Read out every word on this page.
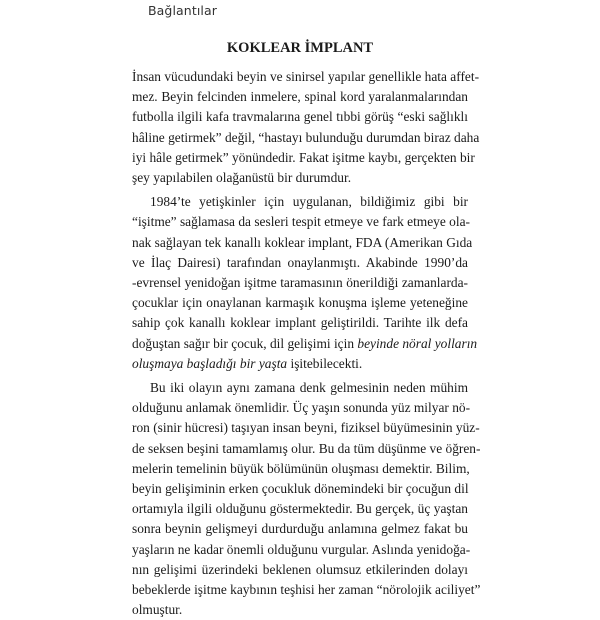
Bağlantılar

KOKLEAR İMPLANT

İnsan vücudundaki beyin ve sinirsel yapılar genellikle hata affet-
mez. Beyin felcinden inmelere, spinal kord yaralanmalarından
futbolla ilgili kafa travmalarına genel tıbbi görüş “eski sağlıklı
hâline getirmek” değil, “hastayı bulunduğu durumdan biraz daha
iyi hâle getirmek” yönündedir. Fakat işitme kaybı, gerçekten bir
şey yapılabilen olağanüstü bir durumdur.

1984’te yetişkinler için uygulanan, bildiğimiz gibi bir
“işitme” sağlamasa da sesleri tespit etmeye ve fark etmeye ola-
nak sağlayan tek kanallı koklear implant, FDA (Amerikan Gıda
ve İlaç Dairesi) tarafından onaylanmıştı. Akabinde 1990’da
-evrensel yenidoğan işitme taramasının önerildiği zamanlarda-
çocuklar için onaylanan karmaşık konuşma işleme yeteneğine
sahip çok kanallı koklear implant geliştirildi. Tarihte ilk defa
doğuştan sağır bir çocuk, dil gelişimi için beyinde nöral yolların
oluşmaya başladığı bir yaşta işitebilecekti.

Bu iki olayın aynı zamana denk gelmesinin neden mühim
olduğunu anlamak önemlidir. Üç yaşın sonunda yüz milyar nö-
ron (sinir hücresi) taşıyan insan beyni, fiziksel büyümesinin yüz-
de seksen beşini tamamlamış olur. Bu da tüm düşünme ve öğren-
melerin temelinin büyük bölümünün oluşması demektir. Bilim,
beyin gelişiminin erken çocukluk dönemindeki bir çocuğun dil
ortamıyla ilgili olduğunu göstermektedir. Bu gerçek, üç yaştan
sonra beynin gelişmeyi durdurduğu anlamına gelmez fakat bu
yaşların ne kadar önemli olduğunu vurgular. Aslında yenidoğa-
nın gelişimi üzerindeki beklenen olumsuz etkilerinden dolayı
bebeklerde işitme kaybının teşhisi her zaman “nörolojik aciliyet”
olmuştur.
